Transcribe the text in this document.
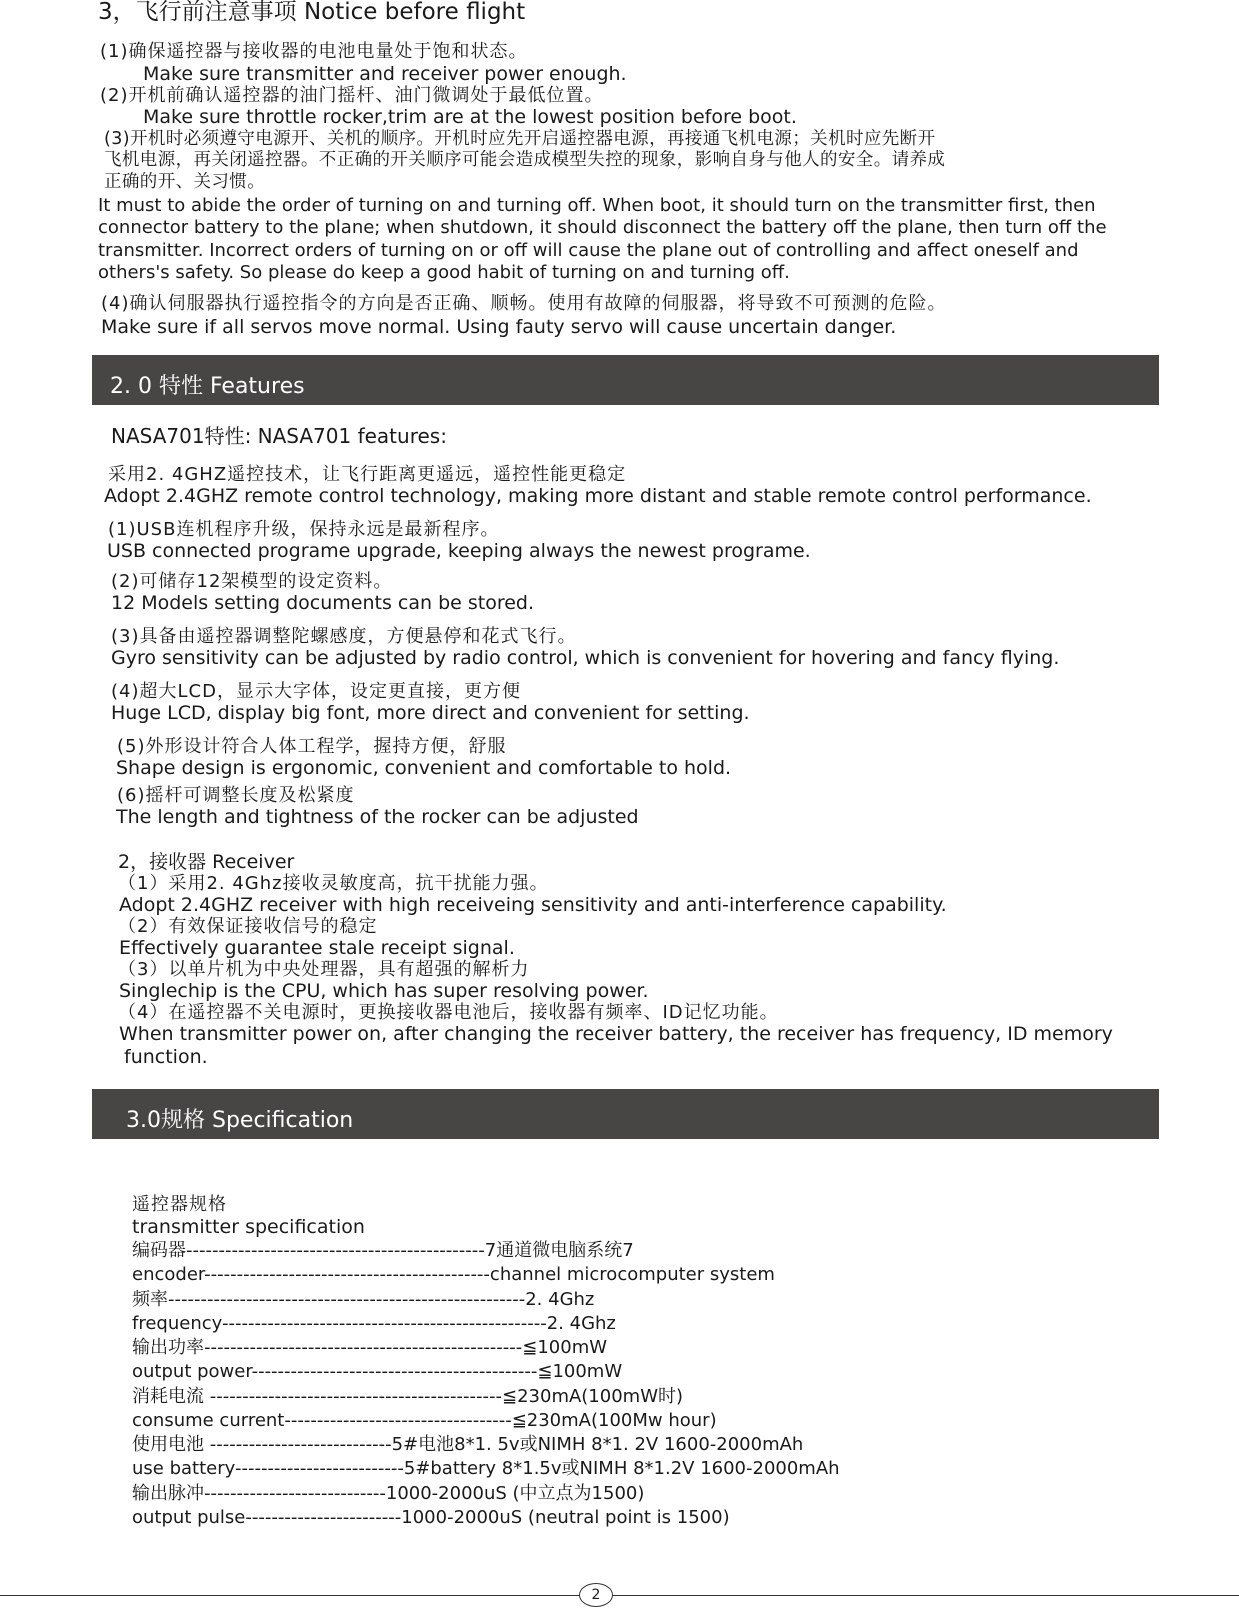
3，飞行前注意事项 Notice before flight
(1)确保遥控器与接收器的电池电量处于饱和状态。
Make sure transmitter and receiver power enough.
(2)开机前确认遥控器的油门摇杆、油门微调处于最低位置。
Make sure throttle rocker,trim are at the lowest position before boot.
(3)开机时必须遵守电源开、关机的顺序。开机时应先开启遥控器电源，再接通飞机电源；关机时应先断开
飞机电源，再关闭遥控器。不正确的开关顺序可能会造成模型失控的现象，影响自身与他人的安全。请养成
正确的开、关习惯。
It must to abide the order of turning on and turning off. When boot, it should turn on the transmitter first, then
connector battery to the plane; when shutdown, it should disconnect the battery off the plane, then turn off the
transmitter. Incorrect orders of turning on or off will cause the plane out of controlling and affect oneself and
others's safety. So please do keep a good habit of turning on and turning off.
(4)确认伺服器执行遥控指令的方向是否正确、顺畅。使用有故障的伺服器，将导致不可预测的危险。
Make sure if all servos move normal. Using fauty servo will cause uncertain danger.
2. 0 特性 Features
NASA701特性: NASA701 features:
采用2. 4GHZ遥控技术，让飞行距离更遥远，遥控性能更稳定
Adopt 2.4GHZ remote control technology, making more distant and stable remote control performance.
(1)USB连机程序升级，保持永远是最新程序。
USB connected programe upgrade, keeping always the newest programe.
(2)可储存12架模型的设定资料。
12 Models setting documents can be stored.
(3)具备由遥控器调整陀螺感度，方便悬停和花式飞行。
Gyro sensitivity can be adjusted by radio control, which is convenient for hovering and fancy flying.
(4)超大LCD，显示大字体，设定更直接，更方便
Huge LCD, display big font, more direct and convenient for setting.
(5)外形设计符合人体工程学，握持方便，舒服
Shape design is ergonomic, convenient and comfortable to hold.
(6)摇杆可调整长度及松紧度
The length and tightness of the rocker can be adjusted
2，接收器 Receiver
（1）采用2. 4Ghz接收灵敏度高，抗干扰能力强。
Adopt 2.4GHZ receiver with high receiveing sensitivity and anti-interference capability.
（2）有效保证接收信号的稳定
Effectively guarantee stale receipt signal.
（3）以单片机为中央处理器，具有超强的解析力
Singlechip is the CPU, which has super resolving power.
（4）在遥控器不关电源时，更换接收器电池后，接收器有频率、ID记忆功能。
When transmitter power on, after changing the receiver battery, the receiver has frequency, ID memory
function.
3.0规格 Specification
遥控器规格
transmitter specification
编码器----------------------------------------------7通道微电脑系统7
encoder--------------------------------------------channel microcomputer system
频率-------------------------------------------------------2. 4Ghz
frequency--------------------------------------------------2. 4Ghz
输出功率-------------------------------------------------≦100mW
output power--------------------------------------------≦100mW
消耗电流 ---------------------------------------------≦230mA(100mW时)
consume current-----------------------------------≦230mA(100Mw hour)
使用电池 ----------------------------5#电池8*1. 5v或NIMH 8*1. 2V 1600-2000mAh
use battery--------------------------5#battery 8*1.5v或NIMH 8*1.2V 1600-2000mAh
输出脉冲----------------------------1000-2000uS (中立点为1500)
output pulse------------------------1000-2000uS (neutral point is 1500)
2
